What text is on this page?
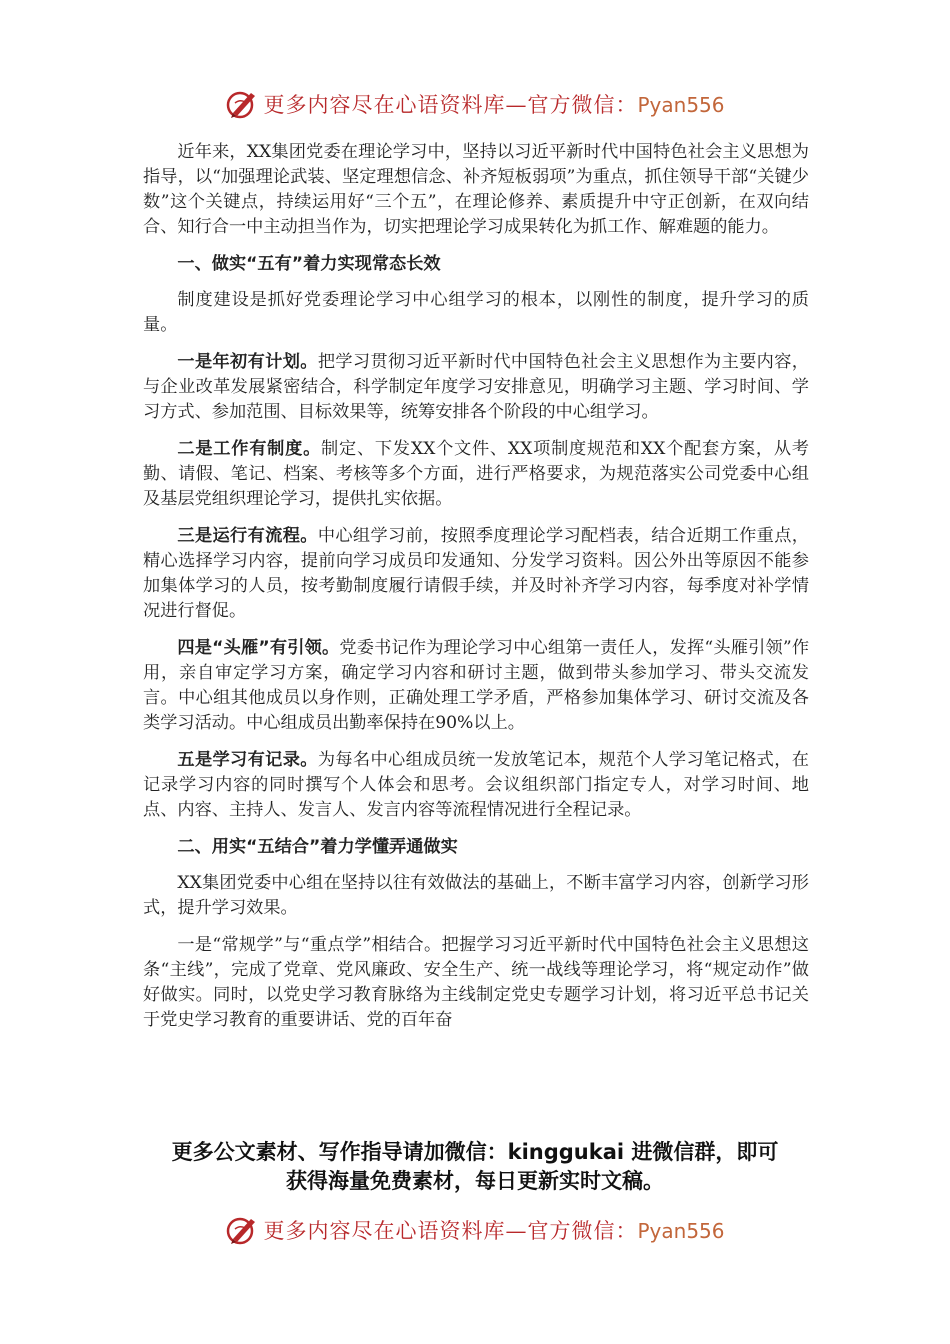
更多内容尽在心语资料库—官方微信：Pyan556

近年来，XX集团党委在理论学习中，坚持以习近平新时代中国特色社会主义思想为指导，以“加强理论武装、坚定理想信念、补齐短板弱项”为重点，抓住领导干部“关键少数”这个关键点，持续运用好“三个五”，在理论修养、素质提升中守正创新，在双向结合、知行合一中主动担当作为，切实把理论学习成果转化为抓工作、解难题的能力。

一、做实“五有”着力实现常态长效

制度建设是抓好党委理论学习中心组学习的根本，以刚性的制度，提升学习的质量。

一是年初有计划。把学习贯彻习近平新时代中国特色社会主义思想作为主要内容，与企业改革发展紧密结合，科学制定年度学习安排意见，明确学习主题、学习时间、学习方式、参加范围、目标效果等，统筹安排各个阶段的中心组学习。

二是工作有制度。制定、下发XX个文件、XX项制度规范和XX个配套方案，从考勤、请假、笔记、档案、考核等多个方面，进行严格要求，为规范落实公司党委中心组及基层党组织理论学习，提供扎实依据。

三是运行有流程。中心组学习前，按照季度理论学习配档表，结合近期工作重点，精心选择学习内容，提前向学习成员印发通知、分发学习资料。因公外出等原因不能参加集体学习的人员，按考勤制度履行请假手续，并及时补齐学习内容，每季度对补学情况进行督促。

四是“头雁”有引领。党委书记作为理论学习中心组第一责任人，发挥“头雁引领”作用，亲自审定学习方案，确定学习内容和研讨主题，做到带头参加学习、带头交流发言。中心组其他成员以身作则，正确处理工学矛盾，严格参加集体学习、研讨交流及各类学习活动。中心组成员出勤率保持在90%以上。

五是学习有记录。为每名中心组成员统一发放笔记本，规范个人学习笔记格式，在记录学习内容的同时撰写个人体会和思考。会议组织部门指定专人，对学习时间、地点、内容、主持人、发言人、发言内容等流程情况进行全程记录。

二、用实“五结合”着力学懂弄通做实

XX集团党委中心组在坚持以往有效做法的基础上，不断丰富学习内容，创新学习形式，提升学习效果。

一是“常规学”与“重点学”相结合。把握学习习近平新时代中国特色社会主义思想这条“主线”，完成了党章、党风廉政、安全生产、统一战线等理论学习，将“规定动作”做好做实。同时，以党史学习教育脉络为主线制定党史专题学习计划，将习近平总书记关于党史学习教育的重要讲话、党的百年奋

更多公文素材、写作指导请加微信：kinggukai 进微信群，即可
获得海量免费素材，每日更新实时文稿。
更多内容尽在心语资料库—官方微信：Pyan556
